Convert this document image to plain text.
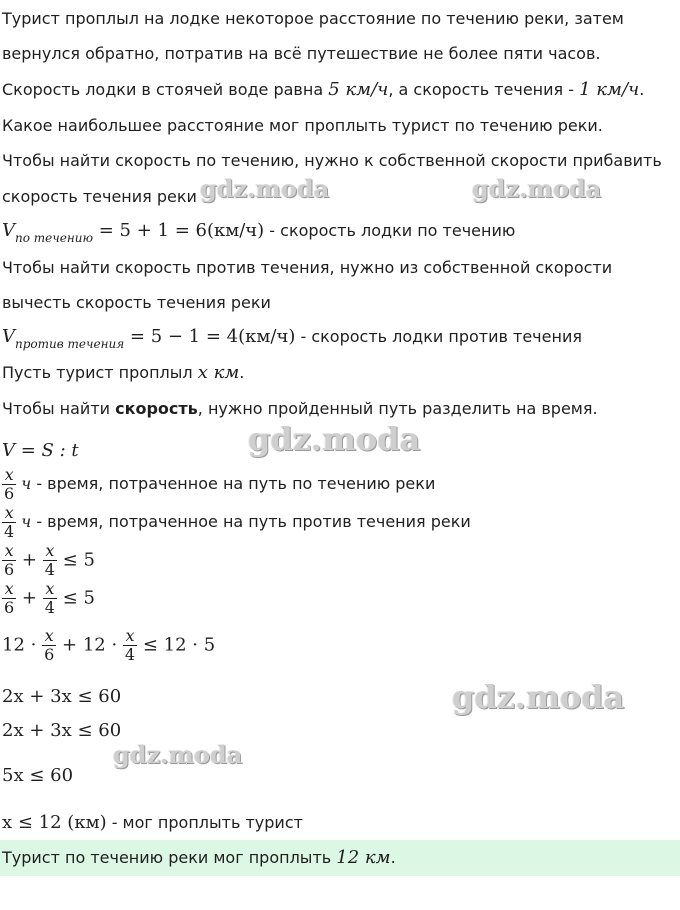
Турист проплыл на лодке некоторое расстояние по течению реки, затем
вернулся обратно, потратив на всё путешествие не более пяти часов.
Скорость лодки в стоячей воде равна 5 км/ч, а скорость течения - 1 км/ч.
Какое наибольшее расстояние мог проплыть турист по течению реки.
Чтобы найти скорость по течению, нужно к собственной скорости прибавить
скорость течения реки
$V_{по течению} = 5 + 1 = 6(км/ч)$ - скорость лодки по течению
Чтобы найти скорость против течения, нужно из собственной скорости
вычесть скорость течения реки
$V_{против течения} = 5 - 1 = 4(км/ч)$ - скорость лодки против течения
Пусть турист проплыл x км.
Чтобы найти скорость, нужно пройденный путь разделить на время.
V = S : t
$\frac{x}{6}$ ч - время, потраченное на путь по течению реки
$\frac{x}{4}$ ч - время, потраченное на путь против течения реки
$\frac{x}{6} + \frac{x}{4} \le 5$
$\frac{x}{6} + \frac{x}{4} \le 5$
$12 \cdot \frac{x}{6} + 12 \cdot \frac{x}{4} \le 12 \cdot 5$
2x + 3x ≤ 60
2x + 3x ≤ 60
5x ≤ 60
x ≤ 12 (км) - мог проплыть турист
Турист по течению реки мог проплыть 12 км.
gdz.moda	gdz.moda
gdz.moda
gdz.moda
gdz.moda
